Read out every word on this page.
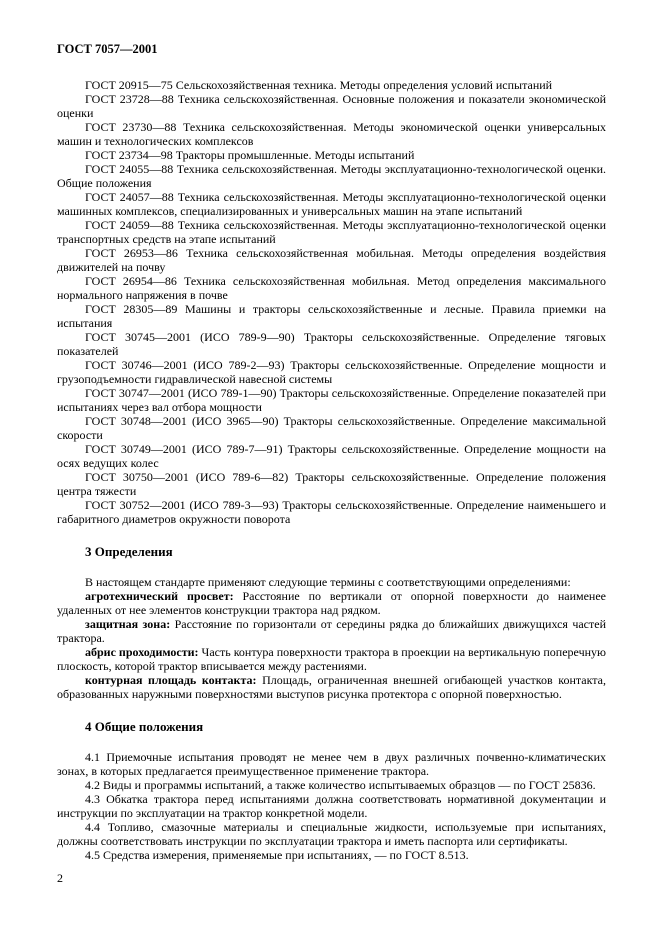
ГОСТ 7057—2001

ГОСТ 20915—75 Сельскохозяйственная техника. Методы определения условий испытаний

ГОСТ 23728—88 Техника сельскохозяйственная. Основные положения и показатели экономической оценки

ГОСТ 23730—88 Техника сельскохозяйственная. Методы экономической оценки универсальных машин и технологических комплексов

ГОСТ 23734—98 Тракторы промышленные. Методы испытаний

ГОСТ 24055—88 Техника сельскохозяйственная. Методы эксплуатационно-технологической оценки. Общие положения

ГОСТ 24057—88 Техника сельскохозяйственная. Методы эксплуатационно-технологической оценки машинных комплексов, специализированных и универсальных машин на этапе испытаний

ГОСТ 24059—88 Техника сельскохозяйственная. Методы эксплуатационно-технологической оценки транспортных средств на этапе испытаний

ГОСТ 26953—86 Техника сельскохозяйственная мобильная. Методы определения воздействия движителей на почву

ГОСТ 26954—86 Техника сельскохозяйственная мобильная. Метод определения максимального нормального напряжения в почве

ГОСТ 28305—89 Машины и тракторы сельскохозяйственные и лесные. Правила приемки на испытания

ГОСТ 30745—2001 (ИСО 789-9—90) Тракторы сельскохозяйственные. Определение тяговых показателей

ГОСТ 30746—2001 (ИСО 789-2—93) Тракторы сельскохозяйственные. Определение мощности и грузоподъемности гидравлической навесной системы

ГОСТ 30747—2001 (ИСО 789-1—90) Тракторы сельскохозяйственные. Определение показателей при испытаниях через вал отбора мощности

ГОСТ 30748—2001 (ИСО 3965—90) Тракторы сельскохозяйственные. Определение максимальной скорости

ГОСТ 30749—2001 (ИСО 789-7—91) Тракторы сельскохозяйственные. Определение мощности на осях ведущих колес

ГОСТ 30750—2001 (ИСО 789-6—82) Тракторы сельскохозяйственные. Определение положения центра тяжести

ГОСТ 30752—2001 (ИСО 789-3—93) Тракторы сельскохозяйственные. Определение наименьшего и габаритного диаметров окружности поворота

3 Определения

В настоящем стандарте применяют следующие термины с соответствующими определениями:

агротехнический просвет: Расстояние по вертикали от опорной поверхности до наименее удаленных от нее элементов конструкции трактора над рядком.

защитная зона: Расстояние по горизонтали от середины рядка до ближайших движущихся частей трактора.

абрис проходимости: Часть контура поверхности трактора в проекции на вертикальную поперечную плоскость, которой трактор вписывается между растениями.

контурная площадь контакта: Площадь, ограниченная внешней огибающей участков контакта, образованных наружными поверхностями выступов рисунка протектора с опорной поверхностью.

4 Общие положения

4.1 Приемочные испытания проводят не менее чем в двух различных почвенно-климатических зонах, в которых предлагается преимущественное применение трактора.

4.2 Виды и программы испытаний, а также количество испытываемых образцов — по ГОСТ 25836.

4.3 Обкатка трактора перед испытаниями должна соответствовать нормативной документации и инструкции по эксплуатации на трактор конкретной модели.

4.4 Топливо, смазочные материалы и специальные жидкости, используемые при испытаниях, должны соответствовать инструкции по эксплуатации трактора и иметь паспорта или сертификаты.

4.5 Средства измерения, применяемые при испытаниях, — по ГОСТ 8.513.

2
